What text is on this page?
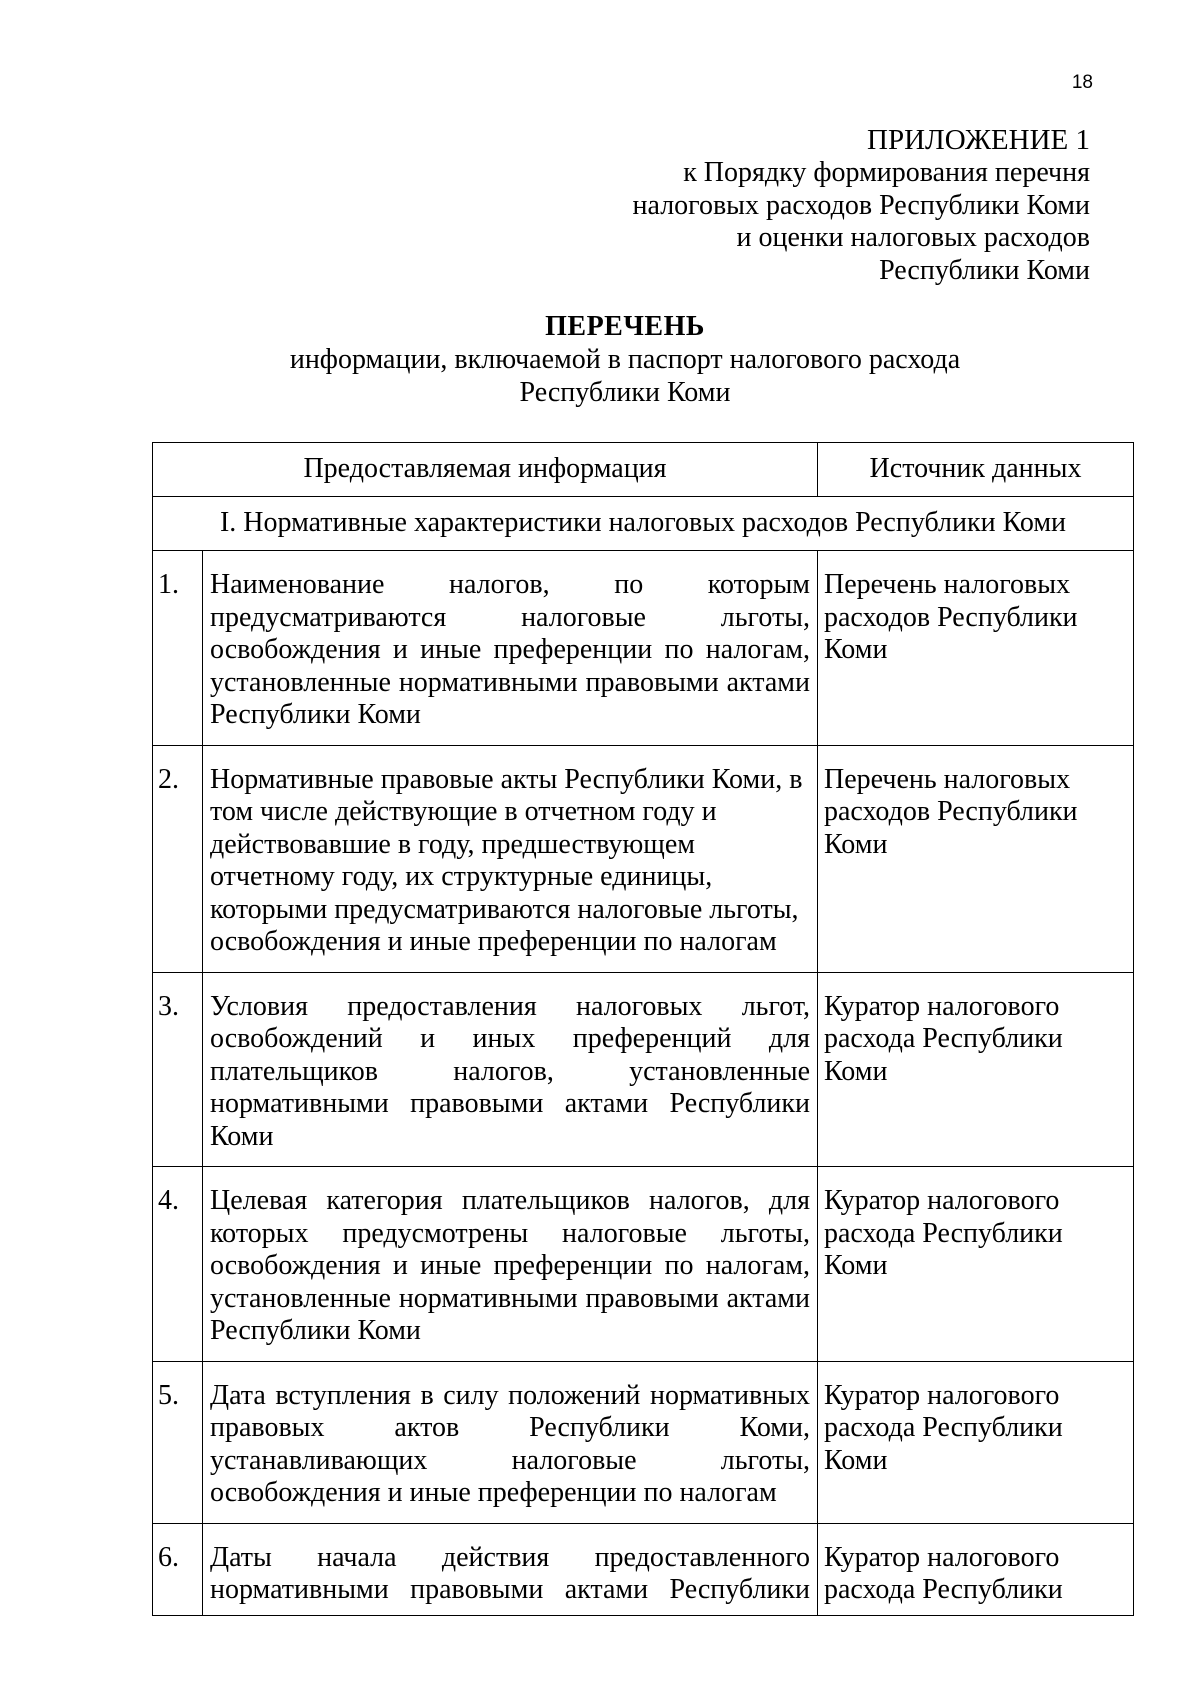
18
ПРИЛОЖЕНИЕ 1
к Порядку формирования перечня
налоговых расходов Республики Коми
и оценки налоговых расходов
Республики Коми
ПЕРЕЧЕНЬ
информации, включаемой в паспорт налогового расхода
Республики Коми
Предоставляемая информация		Источник данных
I. Нормативные характеристики налоговых расходов Республики Коми		
1.	Наименование налогов, по которым предусматриваются налоговые льготы, освобождения и иные преференции по налогам, установленные нормативными правовыми актами Республики Коми	Перечень налоговых расходов Республики Коми
2.	Нормативные правовые акты Республики Коми, в том числе действующие в отчетном году и действовавшие в году, предшествующем отчетному году, их структурные единицы, которыми предусматриваются налоговые льготы, освобождения и иные преференции по налогам	Перечень налоговых расходов Республики Коми
3.	Условия предоставления налоговых льгот, освобождений и иных преференций для плательщиков налогов, установленные нормативными правовыми актами Республики Коми	Куратор налогового расхода Республики Коми
4.	Целевая категория плательщиков налогов, для которых предусмотрены налоговые льготы, освобождения и иные преференции по налогам, установленные нормативными правовыми актами Республики Коми	Куратор налогового расхода Республики Коми
5.	Дата вступления в силу положений нормативных правовых актов Республики Коми, устанавливающих налоговые льготы, освобождения и иные преференции по налогам	Куратор налогового расхода Республики Коми
6.	Даты начала действия предоставленного нормативными правовыми актами Республики	Куратор налогового расхода Республики
